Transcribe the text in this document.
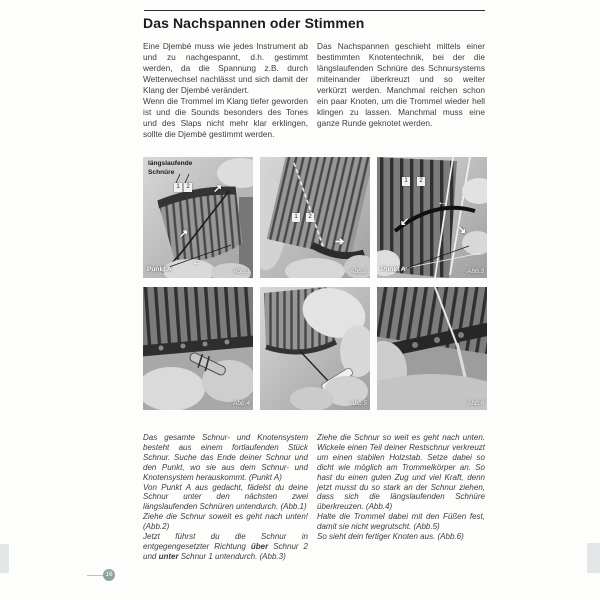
Das Nachspannen oder Stimmen

Eine Djembé muss wie jedes Instrument ab und zu nachgespannt, d.h. gestimmt werden, da die Spannung z.B. durch Wetterwechsel nachlässt und sich damit der Klang der Djembé verändert.

Wenn die Trommel im Klang tiefer geworden ist und die Sounds besonders des Tones und des Slaps nicht mehr klar erklingen, sollte die Djembé gestimmt werden.

Das Nachspannen geschieht mittels einer bestimmten Knotentechnik, bei der die längslaufenden Schnüre des Schnursystems miteinander überkreuzt und so weiter verkürzt werden. Manchmal reichen schon ein paar Knoten, um die Trommel wieder hell klingen zu lassen. Manchmal muss eine ganze Runde geknotet werden.

längslaufende Schnüre
1	2 ↗
↗
←
Punkt A	Abb.1
1	2
➔
Abb.2
1	2
←
↙
↘
Punkt A	Abb.3
Abb.4	Abb.5	Abb.6

Das gesamte Schnur- und Knotensystem besteht aus einem fortlaufenden Stück Schnur. Suche das Ende deiner Schnur und den Punkt, wo sie aus dem Schnur- und Knotensystem herauskommt. (Punkt A)

Von Punkt A aus gedacht, fädelst du deine Schnur unter den nächsten zwei längslaufenden Schnüren untendurch. (Abb.1)

Ziehe die Schnur soweit es geht nach unten! (Abb.2)

Jetzt führst du die Schnur in entgegengesetzter Richtung über Schnur 2 und unter Schnur 1 untendurch. (Abb.3)

Ziehe die Schnur so weit es geht nach unten. Wickele einen Teil deiner Restschnur verkreuzt um einen stabilen Holzstab. Setze dabei so dicht wie möglich am Trommelkörper an. So hast du einen guten Zug und viel Kraft, denn jetzt musst du so stark an der Schnur ziehen, dass sich die längslaufenden Schnüre überkreuzen. (Abb.4)

Halte die Trommel dabei mit den Füßen fest, damit sie nicht wegrutscht. (Abb.5)

So sieht dein fertiger Knoten aus. (Abb.6)

16
